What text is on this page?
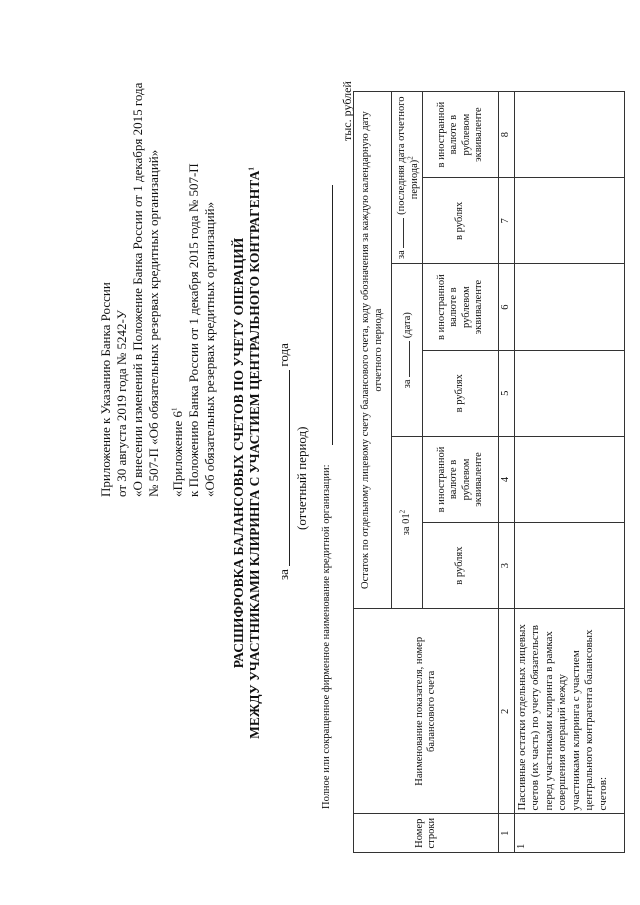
Приложение к Указанию Банка России от 30 августа 2019 года № 5242-У «О внесении изменений в Положение Банка России от 1 декабря 2015 года № 507-П «Об обязательных резервах кредитных организаций» «Приложение $6^1$ к Положению Банка России от 1 декабря 2015 года № 507-П «Об обязательных резервах кредитных организаций» РАСШИФРОВКА БАЛАНСОВЫХ СЧЕТОВ ПО УЧЕТУ ОПЕРАЦИЙ МЕЖДУ УЧАСТНИКАМИ КЛИРИНГА С УЧАСТИЕМ ЦЕНТРАЛЬНОГО КОНТРАГЕНТА$^1$
за  года
(отчетный период) Полное или сокращенное фирменное наименование кредитной организации:
тыс. рублей
Номер строки	Наименование показателя, номер балансового счета	Остаток по отдельному лицевому счету балансового счета, коду обозначения за каждую календарную дату отчетного периода					
		за $01^2$		за  (дата)		за  (последняя дата отчетного периода)$^2$
		в рублях	в иностранной валюте в рублевом эквиваленте	в рублях	в иностранной валюте в рублевом эквиваленте	в рублях	в иностранной валюте в рублевом эквиваленте
1	2	3	4	5	6	7	8
1	Пассивные остатки отдельных лицевых счетов (их часть) по учету обязательств перед участниками клиринга в рамках совершения операций между участниками клиринга с участием центрального контрагента балансовых счетов:						
